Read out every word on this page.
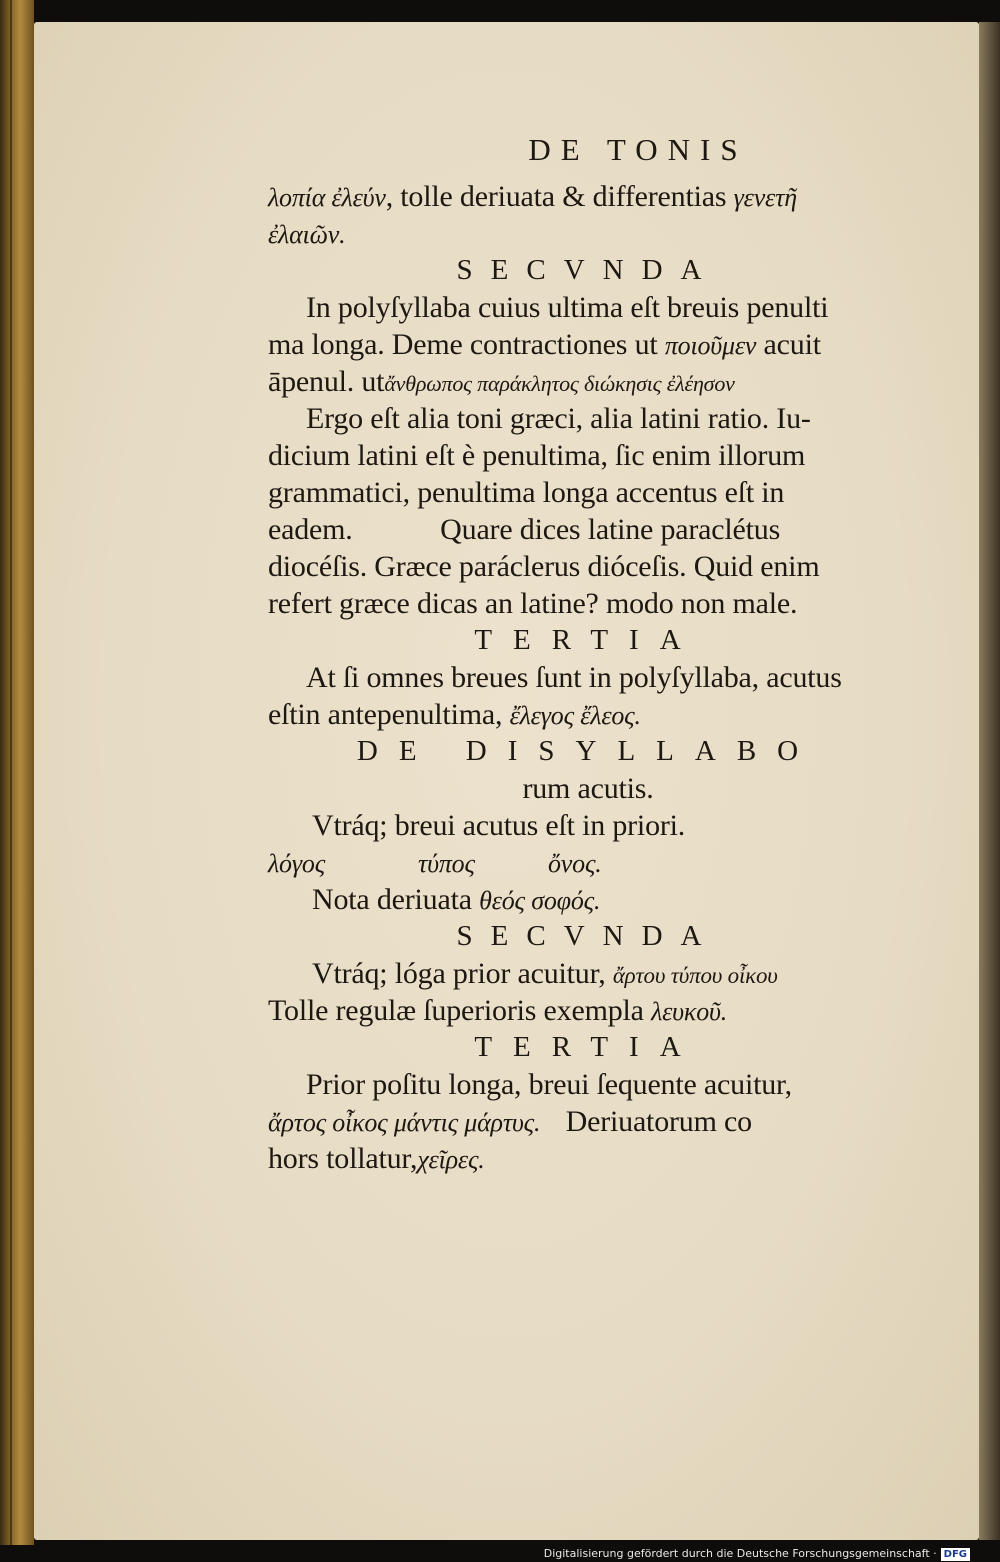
DE TONIS
λοπία ἐλεύν, tolle deriuata & differentias γενετῆ
ἐλαιῶν.
SECVNDA
In polyſyllaba cuius ultima eſt breuis penulti
ma longa. Deme contractiones ut ποιοῦμεν acuit
āpenul. utἄνθρωπος παράκλητος διώκησις ἐλέησον
Ergo eſt alia toni græci, alia latini ratio. Iu-
dicium latini eſt è penultima, ſic enim illorum
grammatici, penultima longa accentus eſt in
eadem.            Quare dices latine paraclétus
diocéſis. Græce paráclerus dióceſis. Quid enim
refert græce dicas an latine? modo non male.
TERTIA
At ſi omnes breues ſunt in polyſyllaba, acutus
eſtin antepenultima, ἔλεγος ἔλεος.
DE DISYLLABO
rum acutis.
Vtráq; breui acutus eſt in priori.
λόγος	τύπος	ὄνος.
Nota deriuata θεός σοφός.
SECVNDA
Vtráq; lóga prior acuitur, ἄρτου τύπου οἶκου
Tolle regulæ ſuperioris exempla λευκοῦ.
TERTIA
Prior poſitu longa, breui ſequente acuitur,
ἄρτος οἶκος μάντις μάρτυς. Deriuatorum co
hors tollatur,χεῖρες.
Digitalisierung gefördert durch die Deutsche Forschungsgemeinschaft · DFG
